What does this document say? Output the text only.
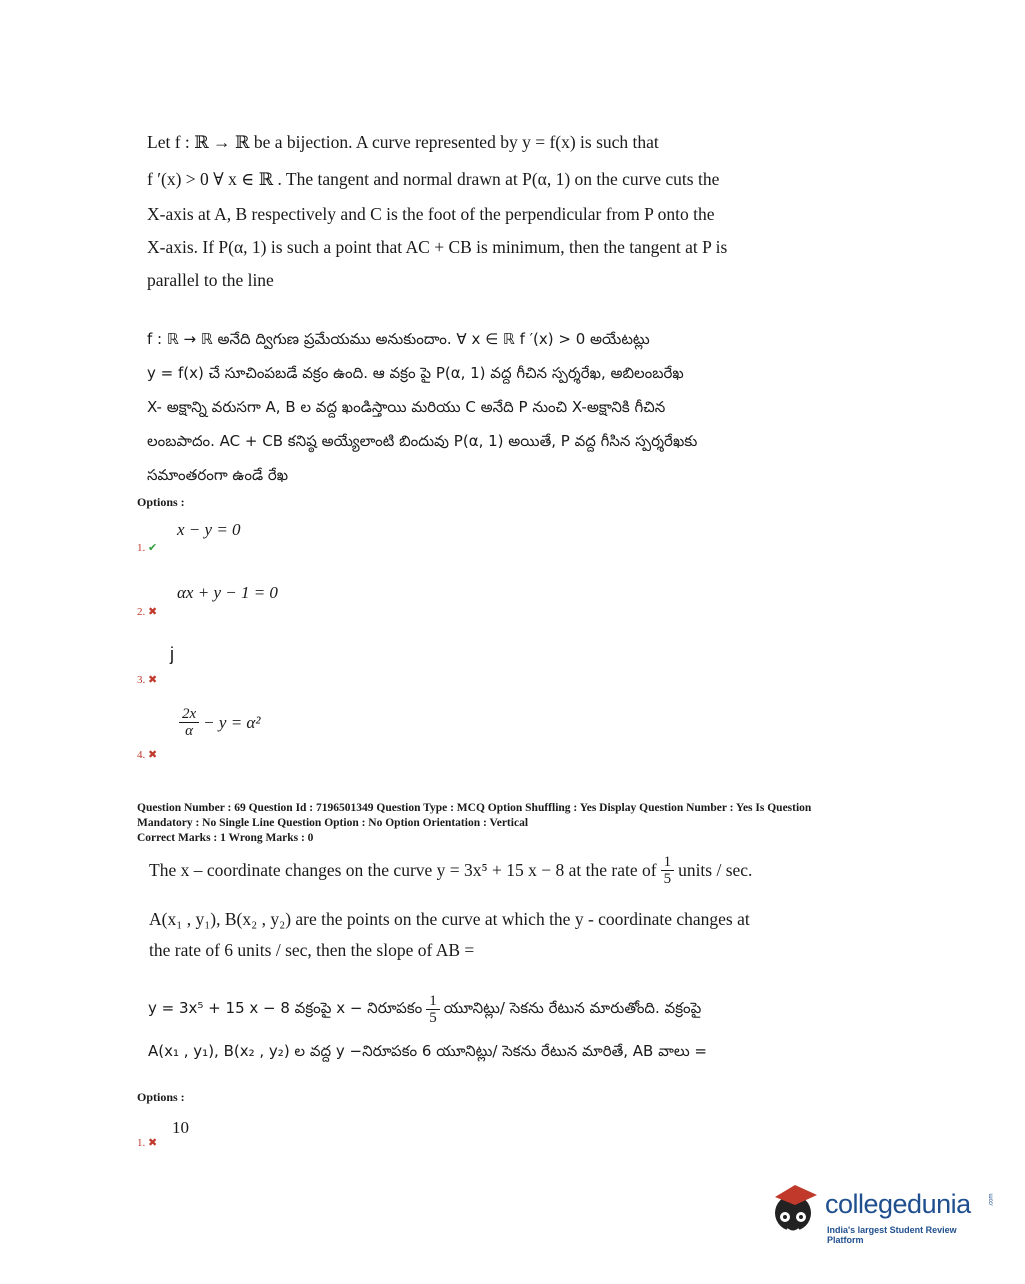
Let f : ℝ → ℝ be a bijection. A curve represented by y = f(x) is such that
f ′(x) > 0 ∀ x ∈ ℝ . The tangent and normal drawn at P(α, 1) on the curve cuts the
X-axis at A, B respectively and C is the foot of the perpendicular from P onto the
X-axis. If P(α, 1) is such a point that AC + CB is minimum, then the tangent at P is
parallel to the line
f : ℝ → ℝ అనేది ద్విగుణ ప్రమేయము అనుకుందాం. ∀ x ∈ ℝ f ′(x) > 0 అయేటట్లు
y = f(x) చే సూచింపబడే వక్రం ఉంది. ఆ వక్రం పై P(α, 1) వద్ద గీచిన స్పర్శరేఖ, అబిలంబరేఖ
X- అక్షాన్ని వరుసగా A, B ల వద్ద ఖండిస్తాయి మరియు C అనేది P నుంచి X-అక్షానికి గీచిన
లంబపాదం. AC + CB కనిష్ఠ అయ్యేలాంటి బిందువు P(α, 1) అయితే, P వద్ద గీసిన స్పర్శరేఖకు
సమాంతరంగా ఉండే రేఖ
Options :
x − y = 0
1. ✔
αx + y − 1 = 0
2. ✖
j
3. ✖
$\frac{2x}{\alpha} - y = \alpha^2$
4. ✖
Question Number : 69 Question Id : 7196501349 Question Type : MCQ Option Shuffling : Yes Display Question Number : Yes Is Question
Mandatory : No Single Line Question Option : No Option Orientation : Vertical
Correct Marks : 1 Wrong Marks : 0
The x – coordinate changes on the curve y = 3x⁵ + 15 x − 8 at the rate of $\frac{1}{5}$ units / sec.
A(x₁ , y₁), B(x₂ , y₂) are the points on the curve at which the y - coordinate changes at
the rate of 6 units / sec, then the slope of AB =
y = 3x⁵ + 15 x − 8 వక్రంపై x − నిరూపకం $\frac{1}{5}$ యూనిట్లు/ సెకను రేటున మారుతోంది. వక్రంపై
A(x₁ , y₁), B(x₂ , y₂) ల వద్ద y −నిరూపకం 6 యూనిట్లు/ సెకను రేటున మారితే, AB వాలు =
Options :
10
1. ✖
collegedunia	.com
India's largest Student Review Platform
